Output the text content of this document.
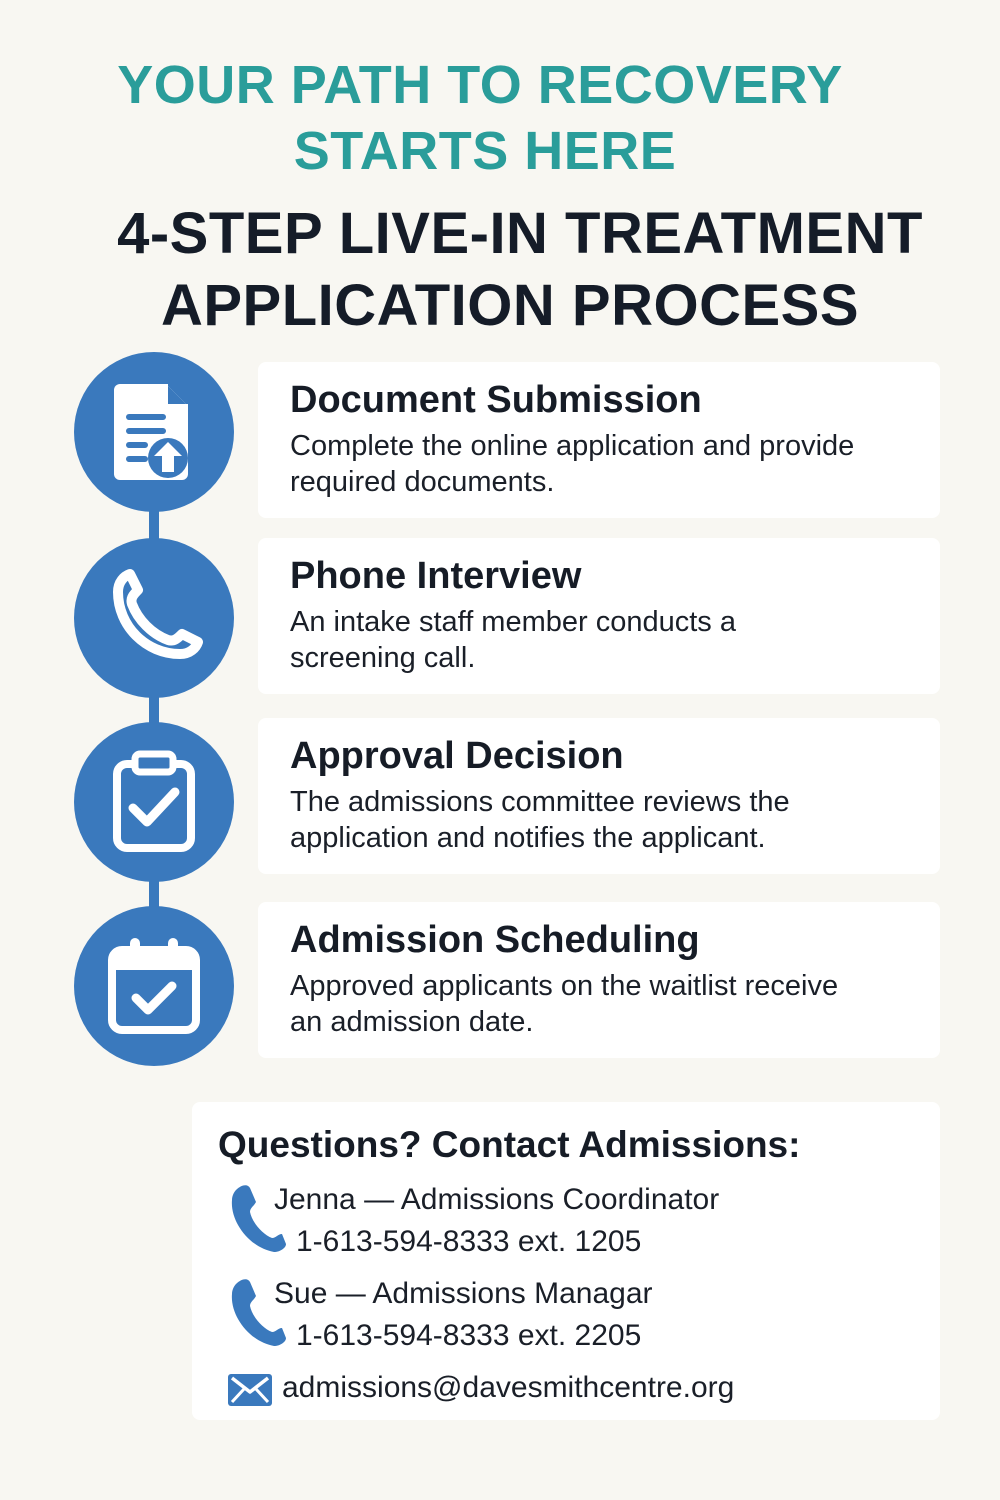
YOUR PATH TO RECOVERY
STARTS HERE
4-STEP LIVE-IN TREATMENT
APPLICATION PROCESS
Document Submission
Complete the online application and provide
required documents.
Phone Interview
An intake staff member conducts a
screening call.
Approval Decision
The admissions committee reviews the
application and notifies the applicant.
Admission Scheduling
Approved applicants on the waitlist receive
an admission date.
Questions? Contact Admissions:
Jenna — Admissions Coordinator
1-613-594-8333 ext. 1205
Sue — Admissions Managar
1-613-594-8333 ext. 2205
admissions@davesmithcentre.org
